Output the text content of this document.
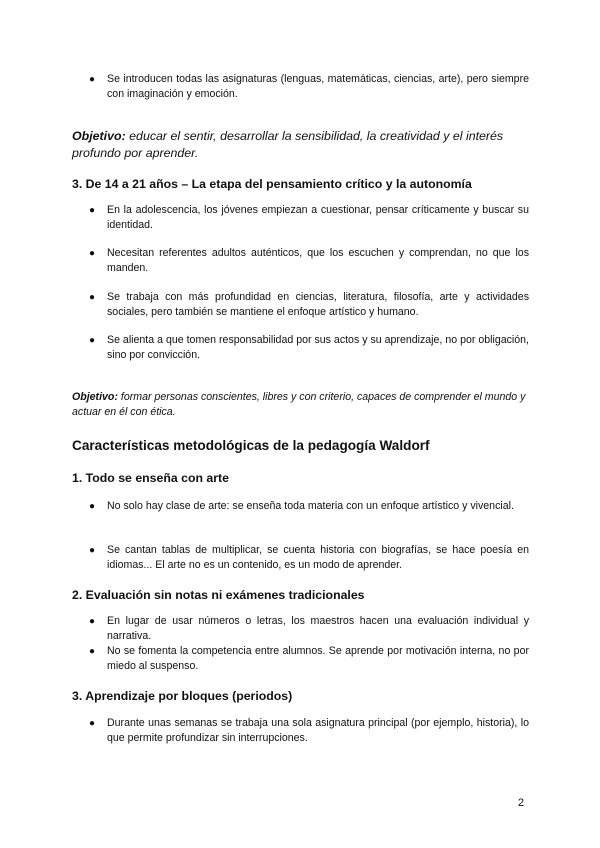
●	Se introducen todas las asignaturas (lenguas, matemáticas, ciencias, arte), pero siempre con imaginación y emoción.
Objetivo: educar el sentir, desarrollar la sensibilidad, la creatividad y el interés profundo por aprender.
3. De 14 a 21 años – La etapa del pensamiento crítico y la autonomía
●	En la adolescencia, los jóvenes empiezan a cuestionar, pensar críticamente y buscar su identidad.
●	Necesitan referentes adultos auténticos, que los escuchen y comprendan, no que los manden.
●	Se trabaja con más profundidad en ciencias, literatura, filosofía, arte y actividades sociales, pero también se mantiene el enfoque artístico y humano.
●	Se alienta a que tomen responsabilidad por sus actos y su aprendizaje, no por obligación, sino por convicción.
Objetivo: formar personas conscientes, libres y con criterio, capaces de comprender el mundo y actuar en él con ética.
Características metodológicas de la pedagogía Waldorf
1. Todo se enseña con arte
●	No solo hay clase de arte: se enseña toda materia con un enfoque artístico y vivencial.
●	Se cantan tablas de multiplicar, se cuenta historia con biografías, se hace poesía en idiomas... El arte no es un contenido, es un modo de aprender.
2. Evaluación sin notas ni exámenes tradicionales
●	En lugar de usar números o letras, los maestros hacen una evaluación individual y narrativa.
●	No se fomenta la competencia entre alumnos. Se aprende por motivación interna, no por miedo al suspenso.
3. Aprendizaje por bloques (periodos)
●	Durante unas semanas se trabaja una sola asignatura principal (por ejemplo, historia), lo que permite profundizar sin interrupciones.
2
